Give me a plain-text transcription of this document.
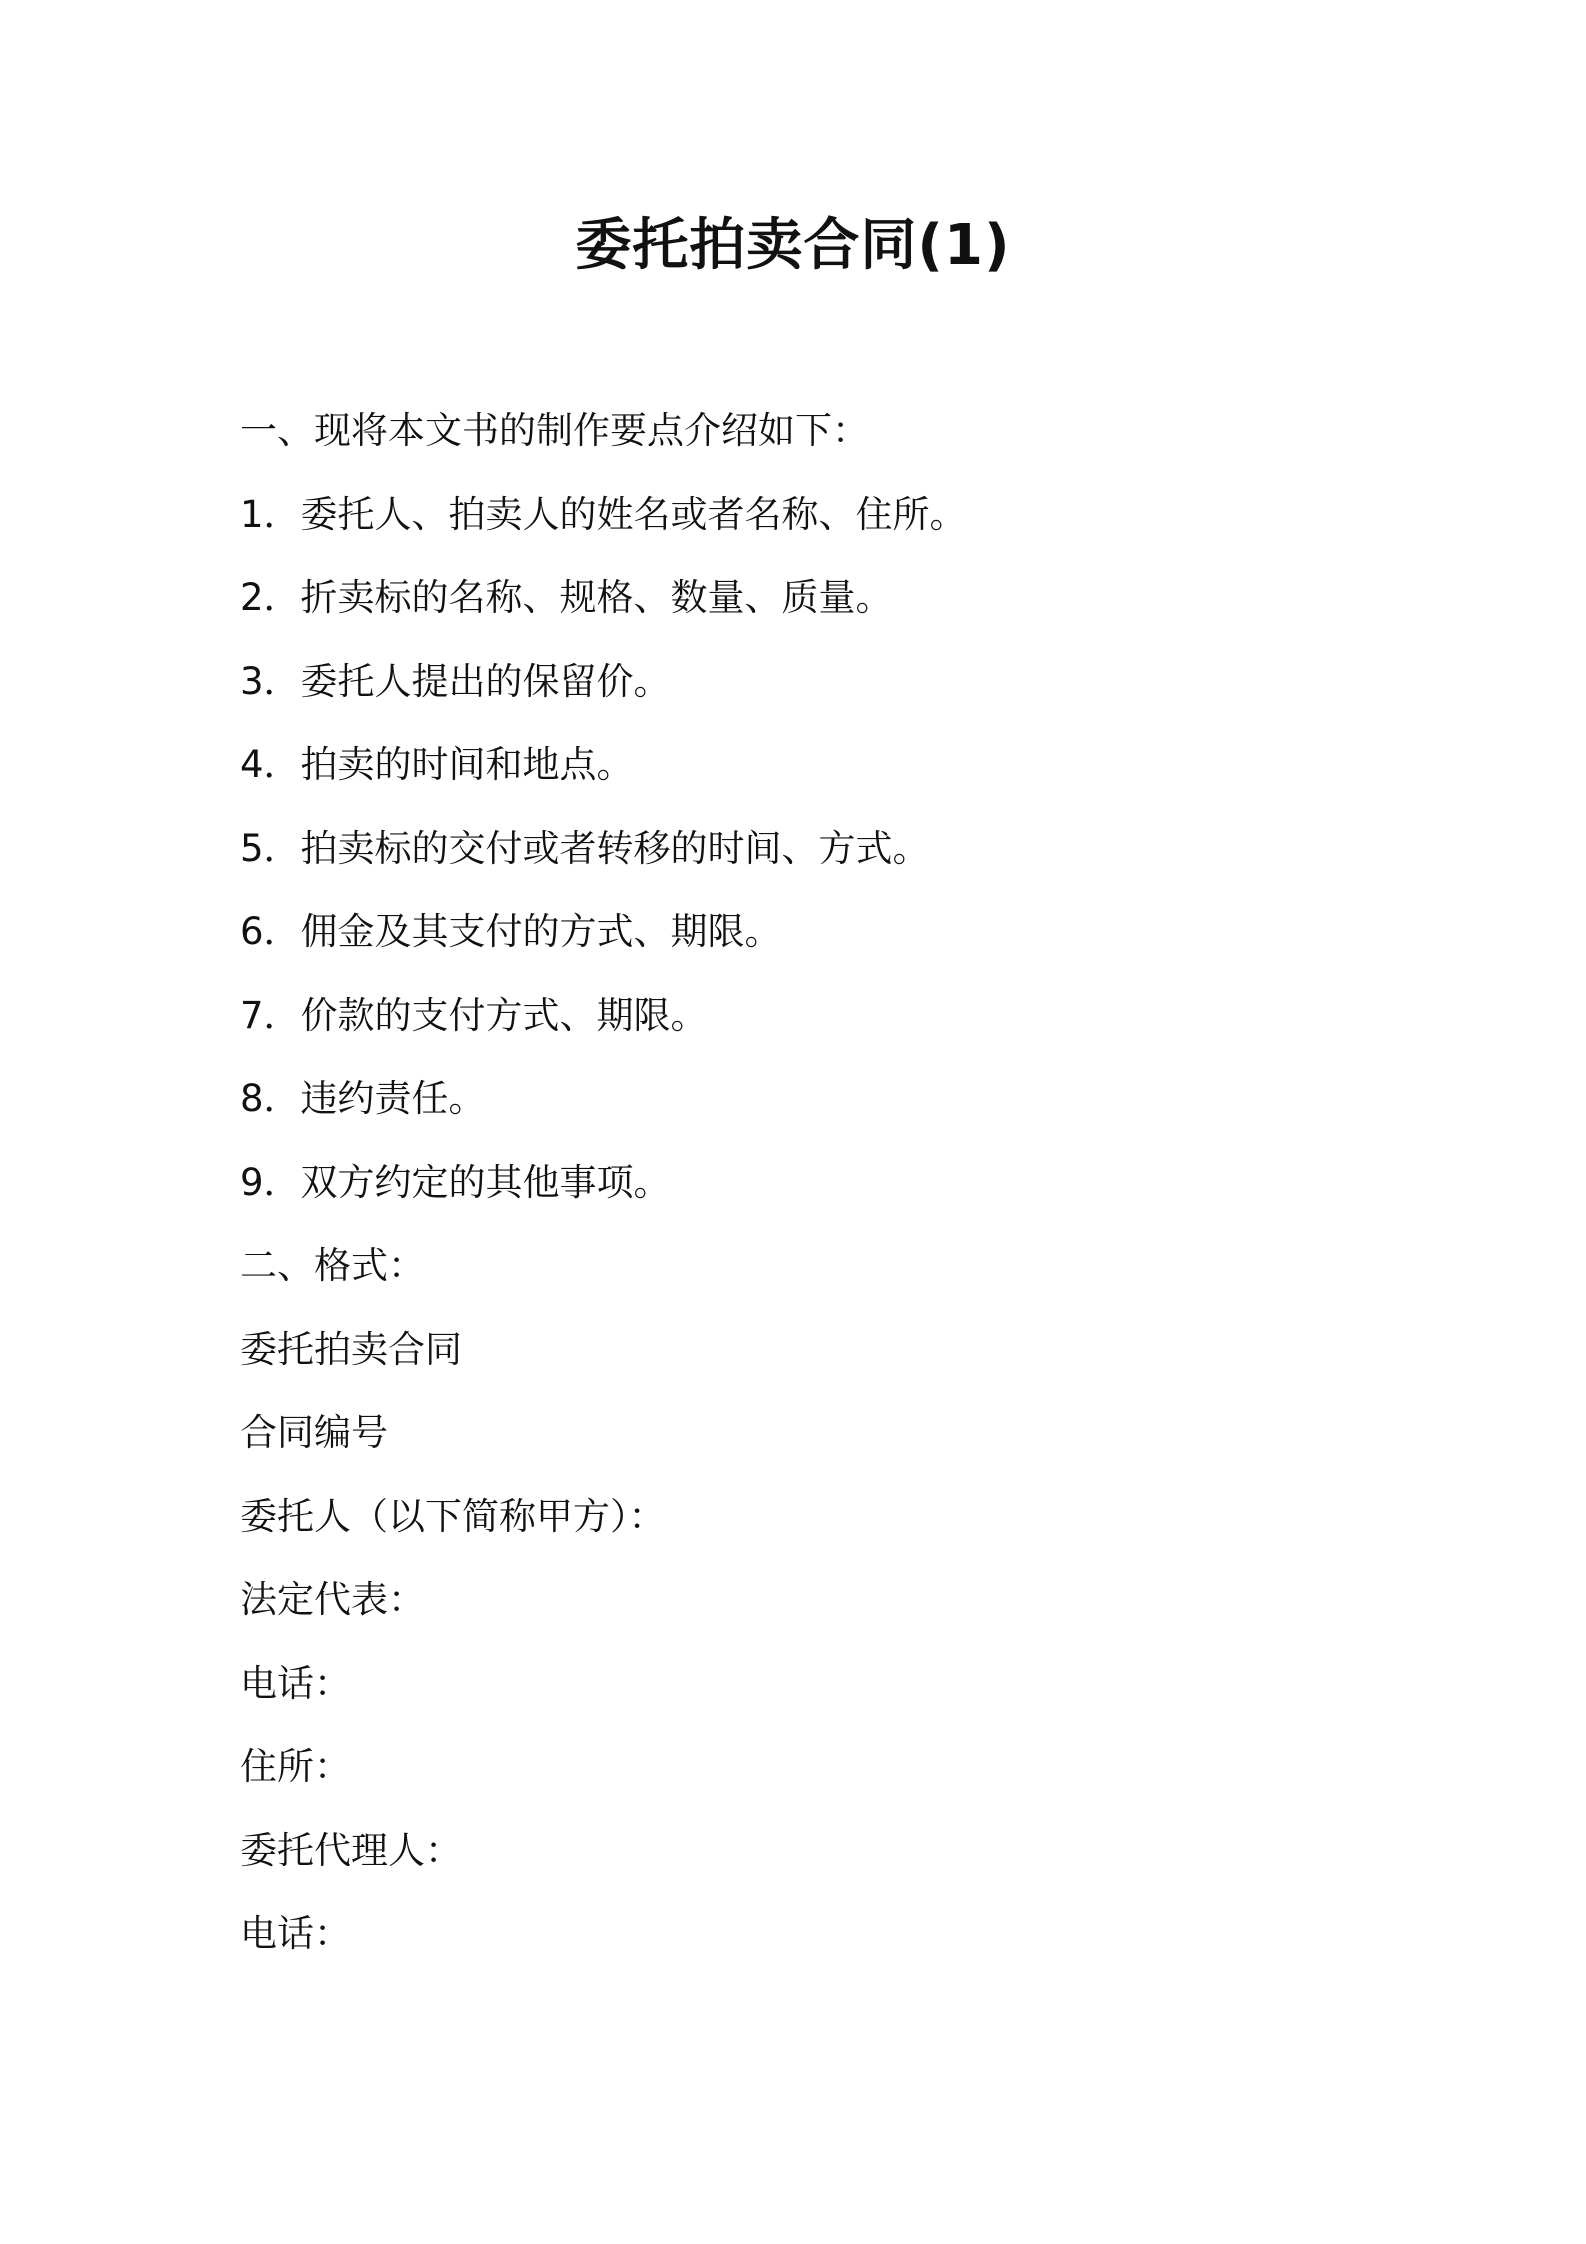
委托拍卖合同(1)
一、现将本文书的制作要点介绍如下：
1．委托人、拍卖人的姓名或者名称、住所。
2．折卖标的名称、规格、数量、质量。
3．委托人提出的保留价。
4．拍卖的时间和地点。
5．拍卖标的交付或者转移的时间、方式。
6．佣金及其支付的方式、期限。
7．价款的支付方式、期限。
8．违约责任。
9．双方约定的其他事项。
二、格式：
委托拍卖合同
合同编号
委托人（以下简称甲方）：
法定代表：
电话：
住所：
委托代理人：
电话：
